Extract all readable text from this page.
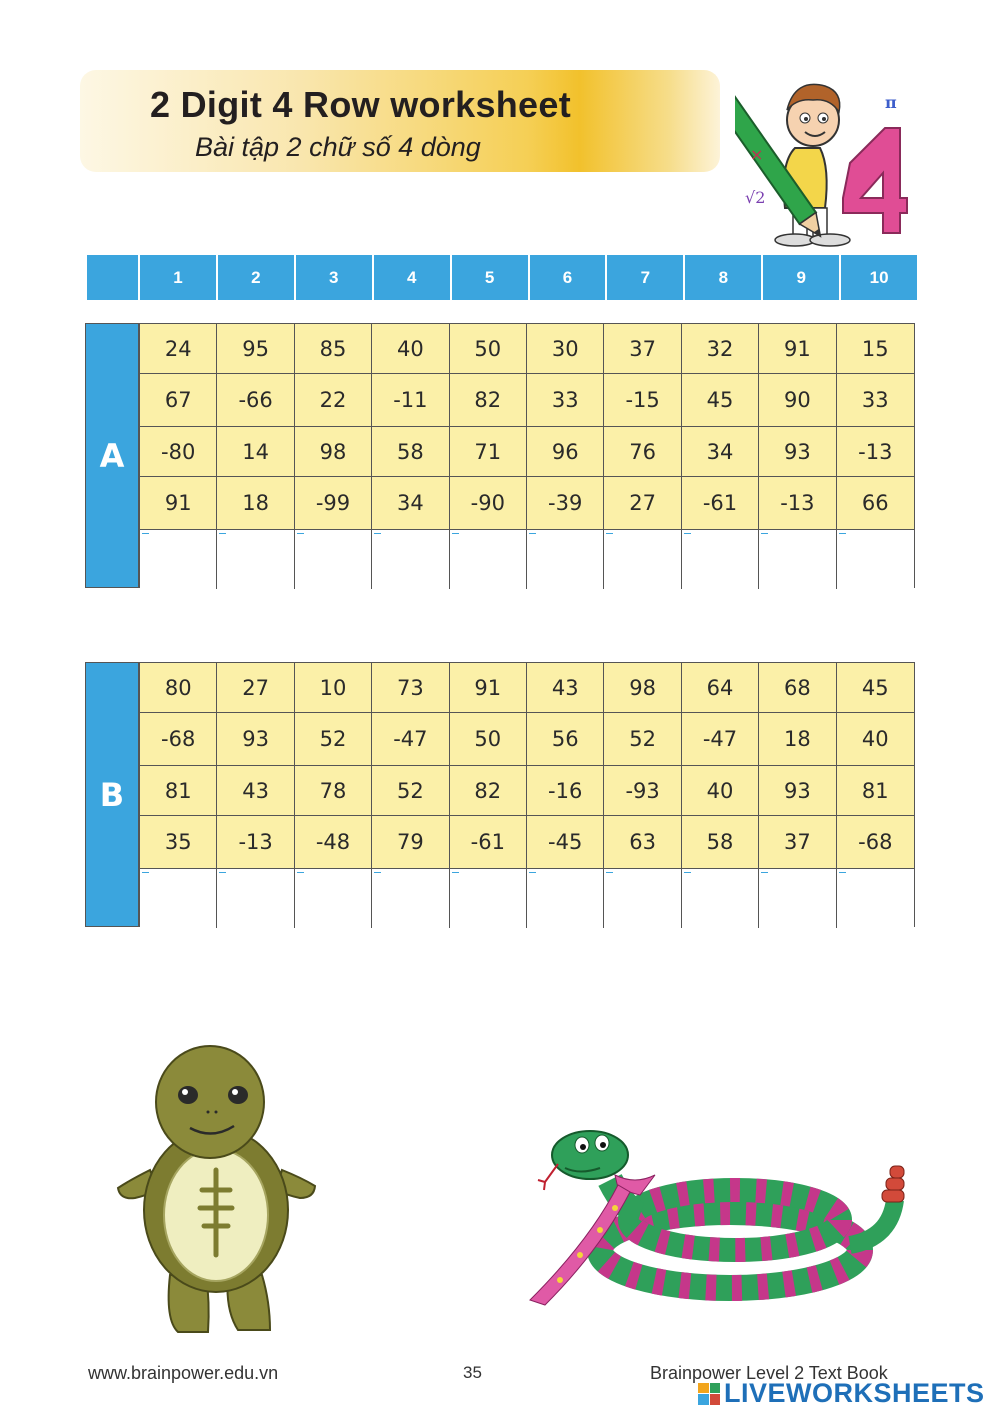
2 Digit 4 Row worksheet
Bài tập 2 chữ số 4 dòng
π
×
√2
1	2	3	4	5	6	7	8	9	10
A
24	95	85	40	50	30	37	32	91	15
67	-66	22	-11	82	33	-15	45	90	33
-80	14	98	58	71	96	76	34	93	-13
91	18	-99	34	-90	-39	27	-61	-13	66
B
80	27	10	73	91	43	98	64	68	45
-68	93	52	-47	50	56	52	-47	18	40
81	43	78	52	82	-16	-93	40	93	81
35	-13	-48	79	-61	-45	63	58	37	-68
www.brainpower.edu.vn	35	Brainpower Level 2 Text Book
LIVEWORKSHEETS
